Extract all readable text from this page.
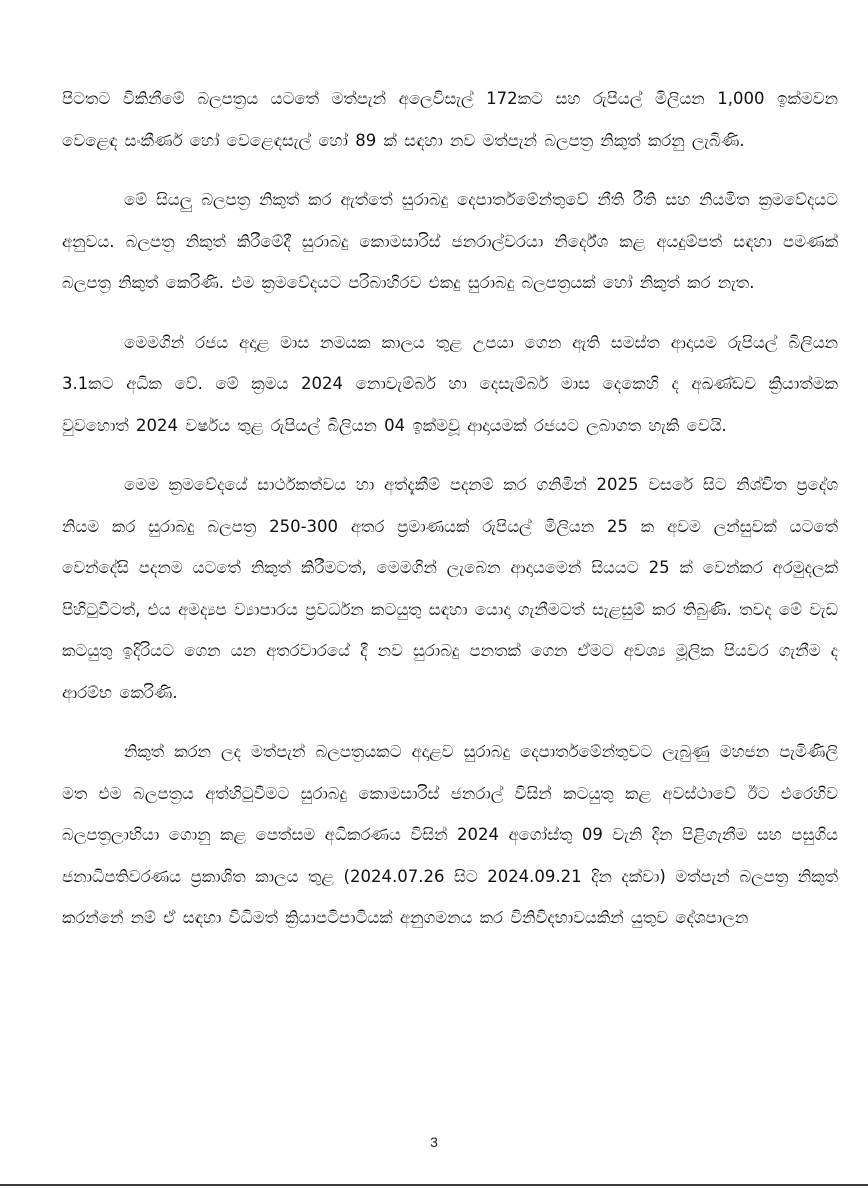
පිටතට විකිනීමේ බලපත්‍රය යටතේ මත්පැන් අලෙවිසැල් 172කට සහ රුපියල් මිලියන 1,000 ඉක්මවන වෙළෙඳ සංකීර්ණ හෝ වෙළෙඳසැල් හෝ 89 ක් සඳහා නව මත්පැන් බලපත්‍ර නිකුත් කරනු ලැබිණි.

මේ සියලු බලපත්‍ර නිකුත් කර ඇත්තේ සුරාබදු දෙපාර්තමේන්තුවේ නීති රීති සහ නියමිත ක්‍රමවේදයට අනුවය. බලපත්‍ර නිකුත් කිරීමේදී සුරාබදු කොමසාරිස් ජනරාල්වරයා නිර්දේශ කළ අයදුම්පත් සඳහා පමණක් බලපත්‍ර නිකුත් කෙරිණි. එම ක්‍රමවේදයට පරිබාහිරව එකදු සුරාබදු බලපත්‍රයක් හෝ නිකුත් කර නැත.

මෙමගින් රජය අදාළ මාස නමයක කාලය තුළ උපයා ගෙන ඇති සමස්ත ආදායම රුපියල් බිලියන 3.1කට අධික වේ. මේ ක්‍රමය 2024 නොවැම්බර් හා දෙසැම්බර් මාස දෙකෙහි ද අඛණ්ඩව ක්‍රියාත්මක වුවහොත් 2024 වර්ෂය තුළ රුපියල් බිලියන 04 ඉක්මවූ ආදායමක් රජයට ලබාගත හැකි වෙයි.

මෙම ක්‍රමවේදයේ සාර්ථකත්වය හා අත්දැකීම් පදනම් කර ගනිමින් 2025 වසරේ සිට නිශ්චිත ප්‍රදේශ නියම කර සුරාබදු බලපත්‍ර 250-300 අතර ප්‍රමාණයක් රුපියල් මිලියන 25 ක අවම ලන්සුවක් යටතේ වෙන්දේසි පදනම යටතේ නිකුත් කිරීමටත්, මෙමගින් ලැබෙන ආදායමෙන් සියයට 25 ක් වෙන්කර අරමුදලක් පිහිටුවීටත්, එය අමද්‍යප ව්‍යාපාරය ප්‍රවර්ධන කටයුතු සඳහා යොදා ගැනීමටත් සැළසුම් කර තිබුණි. තවද මේ වැඩ කටයුතු ඉදිරියට ගෙන යන අතරවාරයේ දී නව සුරාබදු පනතක් ගෙන ඒමට අවශ්‍ය මූලික පියවර ගැනීම ද ආරම්භ කෙරිණි.

නිකුත් කරන ලද මත්පැන් බලපත්‍රයකට අදාළව සුරාබදු දෙපාර්තමේන්තුවට ලැබුණු මහජන පැමිණිලි මත එම බලපත්‍රය අත්හිටුවීමට සුරාබදු කොමසාරිස් ජනරාල් විසින් කටයුතු කළ අවස්ථාවේ ඊට එරෙහිව බලපත්‍රලාභියා ගොනු කළ පෙත්සම අධිකරණය විසින් 2024 අගෝස්තු 09 වැනි දින පිළිගැනීම සහ පසුගිය ජනාධිපතිවරණය ප්‍රකාශිත කාලය තුළ (2024.07.26 සිට 2024.09.21 දින දක්වා) මත්පැන් බලපත්‍ර නිකුත් කරන්නේ නම් ඒ සඳහා විධිමත් ක්‍රියාපටිපාටියක් අනුගමනය කර විනිවිදභාවයකින් යුතුව දේශපාලන

3
